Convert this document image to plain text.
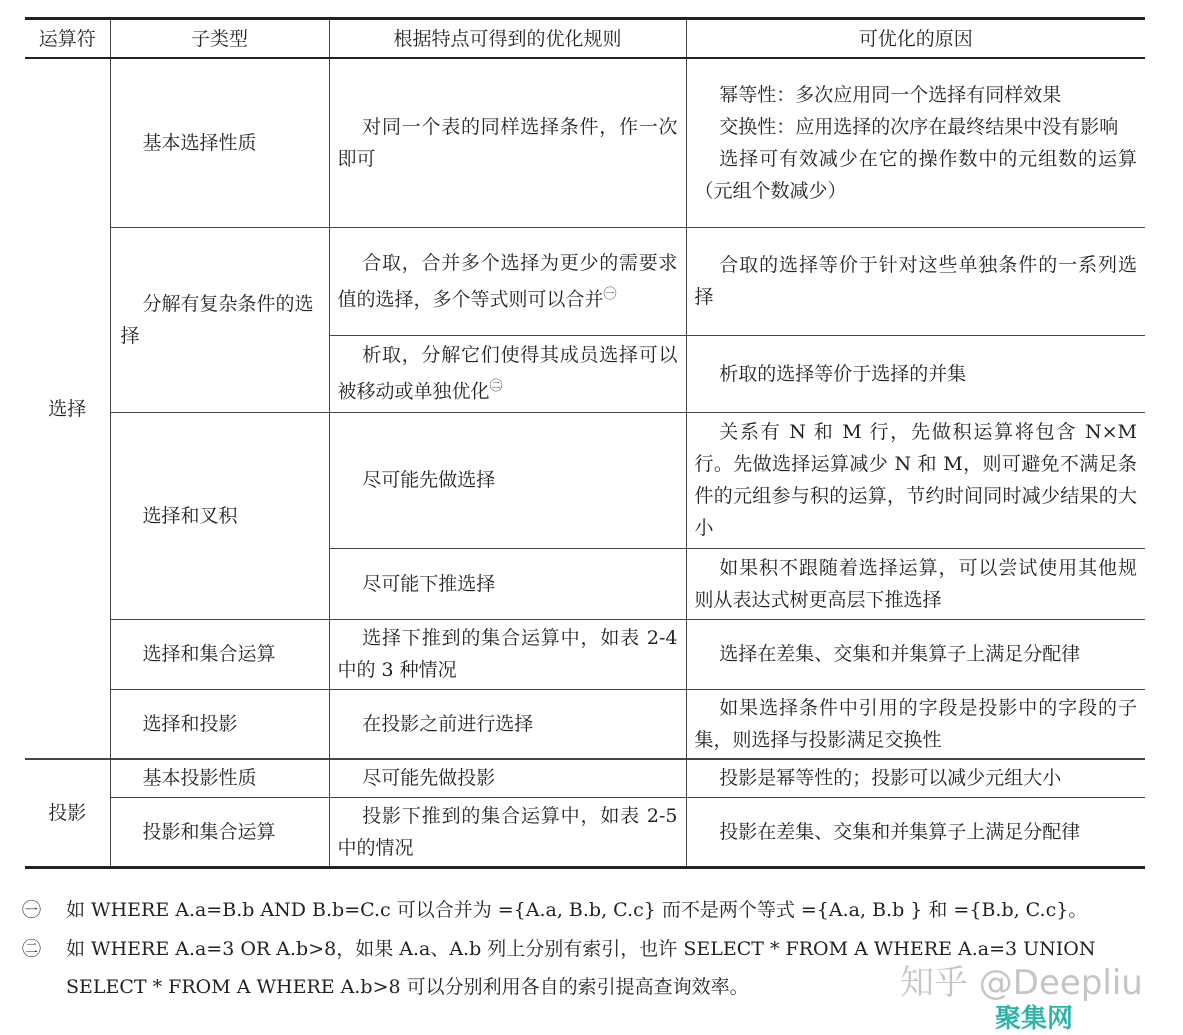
运算符	子类型	根据特点可得到的优化规则	可优化的原因
选择	基本选择性质	对同一个表的同样选择条件，作一次即可	幂等性：多次应用同一个选择有同样效果
交换性：应用选择的次序在最终结果中没有影响
选择可有效减少在它的操作数中的元组数的运算（元组个数减少）

	分解有复杂条件的选择	合取，合并多个选择为更少的需要求值的选择，多个等式则可以合并$^㊀$	合取的选择等价于针对这些单独条件的一系列选择
		析取，分解它们使得其成员选择可以被移动或单独优化$^㊁$	析取的选择等价于选择的并集
	选择和叉积	尽可能先做选择	关系有 N 和 M 行，先做积运算将包含 N×M 行。先做选择运算减少 N 和 M，则可避免不满足条件的元组参与积的运算，节约时间同时减少结果的大小
		尽可能下推选择	如果积不跟随着选择运算，可以尝试使用其他规则从表达式树更高层下推选择
	选择和集合运算	选择下推到的集合运算中，如表 2-4 中的 3 种情况	选择在差集、交集和并集算子上满足分配律
	选择和投影	在投影之前进行选择	如果选择条件中引用的字段是投影中的字段的子集，则选择与投影满足交换性
投影	基本投影性质	尽可能先做投影	投影是幂等性的；投影可以减少元组大小
	投影和集合运算	投影下推到的集合运算中，如表 2-5 中的情况	投影在差集、交集和并集算子上满足分配律
㊀ 如 WHERE A.a=B.b AND B.b=C.c 可以合并为 ={A.a, B.b, C.c} 而不是两个等式 ={A.a, B.b } 和 ={B.b, C.c}。
㊁ 如 WHERE A.a=3 OR A.b>8，如果 A.a、A.b 列上分别有索引，也许 SELECT * FROM A WHERE A.a=3 UNION SELECT * FROM A WHERE A.b>8 可以分别利用各自的索引提高查询效率。	知乎 @Deepliu
聚集网
